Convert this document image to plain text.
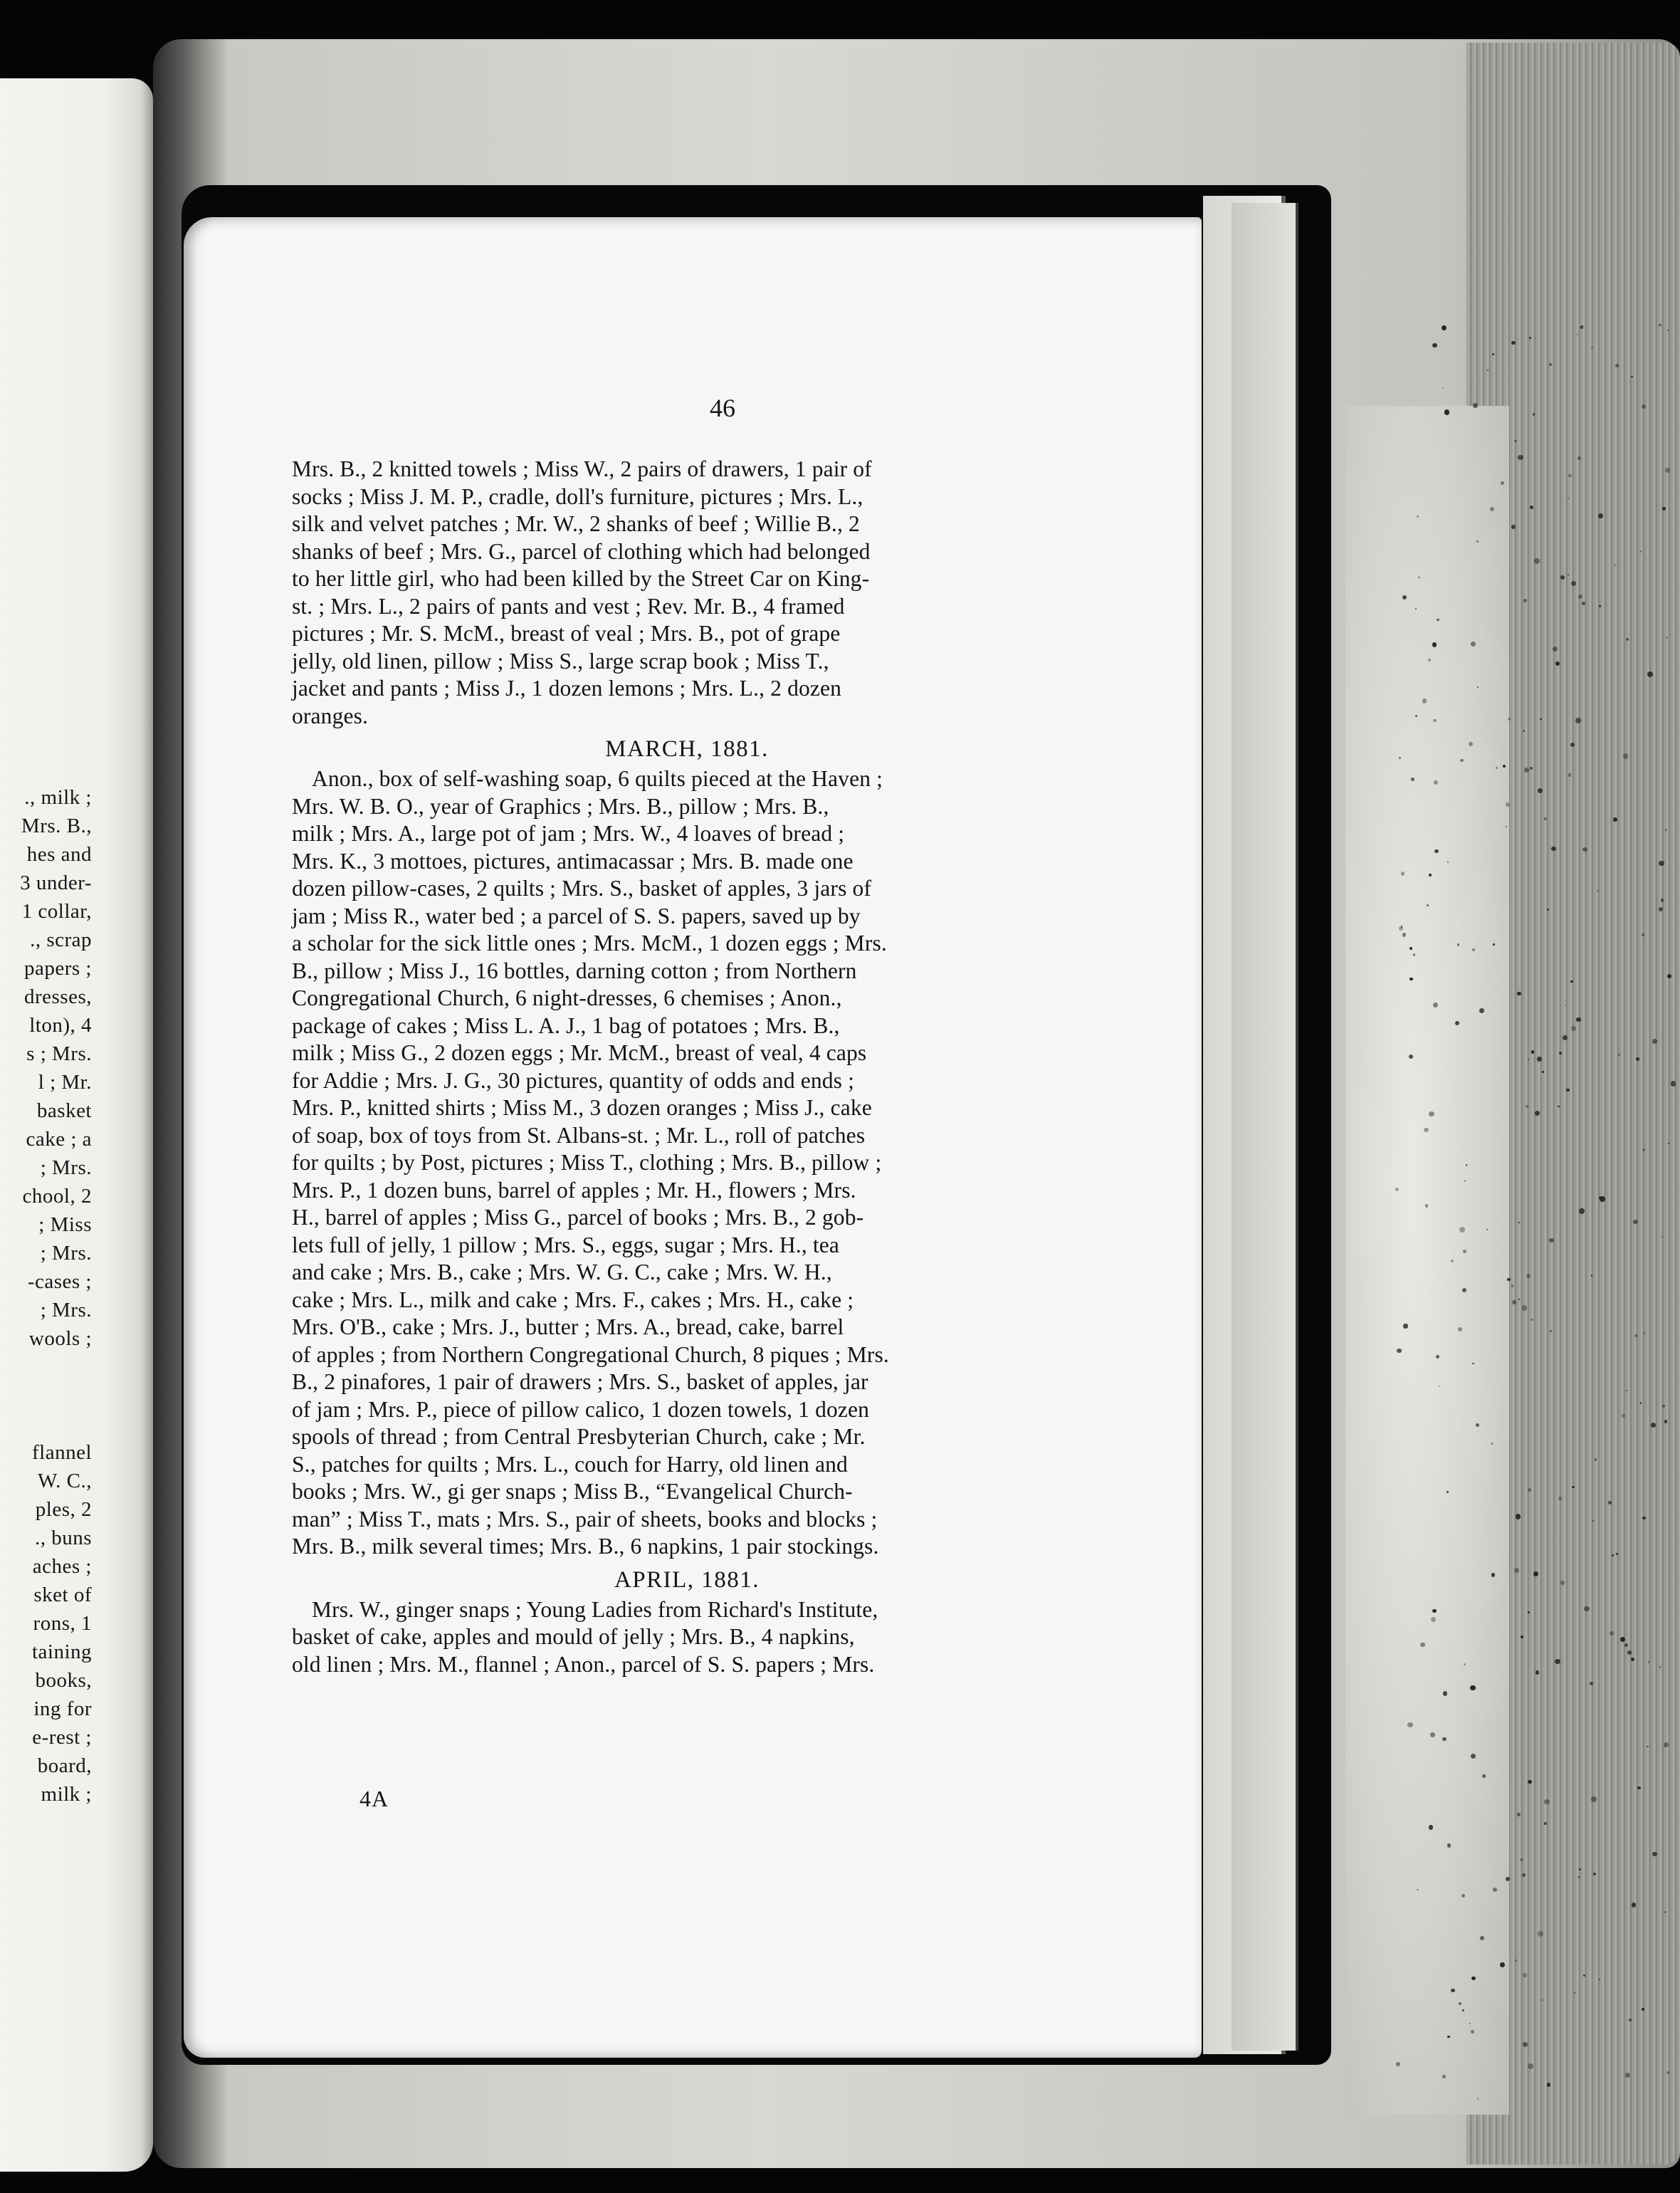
., milk ;
Mrs. B.,
hes and
3 under-
1 collar,
., scrap
papers ;
dresses,
lton), 4
s ; Mrs.
l ; Mr.
basket
cake ; a
; Mrs.
chool, 2
; Miss
; Mrs.
-cases ;
; Mrs.
wools ;
flannel
W. C.,
ples, 2
., buns
aches ;
sket of
rons, 1
taining
books,
ing for
e-rest ;
board,
milk ;
46

Mrs. B., 2 knitted towels ; Miss W., 2 pairs of drawers, 1 pair of
socks ; Miss J. M. P., cradle, doll's furniture, pictures ; Mrs. L.,
silk and velvet patches ; Mr. W., 2 shanks of beef ; Willie B., 2
shanks of beef ; Mrs. G., parcel of clothing which had belonged
to her little girl, who had been killed by the Street Car on King-
st. ; Mrs. L., 2 pairs of pants and vest ; Rev. Mr. B., 4 framed
pictures ; Mr. S. McM., breast of veal ; Mrs. B., pot of grape
jelly, old linen, pillow ; Miss S., large scrap book ; Miss T.,
jacket and pants ; Miss J., 1 dozen lemons ; Mrs. L., 2 dozen
oranges.

MARCH, 1881.

Anon., box of self-washing soap, 6 quilts pieced at the Haven ;
Mrs. W. B. O., year of Graphics ; Mrs. B., pillow ; Mrs. B.,
milk ; Mrs. A., large pot of jam ; Mrs. W., 4 loaves of bread ;
Mrs. K., 3 mottoes, pictures, antimacassar ; Mrs. B. made one
dozen pillow-cases, 2 quilts ; Mrs. S., basket of apples, 3 jars of
jam ; Miss R., water bed ; a parcel of S. S. papers, saved up by
a scholar for the sick little ones ; Mrs. McM., 1 dozen eggs ; Mrs.
B., pillow ; Miss J., 16 bottles, darning cotton ; from Northern
Congregational Church, 6 night-dresses, 6 chemises ; Anon.,
package of cakes ; Miss L. A. J., 1 bag of potatoes ; Mrs. B.,
milk ; Miss G., 2 dozen eggs ; Mr. McM., breast of veal, 4 caps
for Addie ; Mrs. J. G., 30 pictures, quantity of odds and ends ;
Mrs. P., knitted shirts ; Miss M., 3 dozen oranges ; Miss J., cake
of soap, box of toys from St. Albans-st. ; Mr. L., roll of patches
for quilts ; by Post, pictures ; Miss T., clothing ; Mrs. B., pillow ;
Mrs. P., 1 dozen buns, barrel of apples ; Mr. H., flowers ; Mrs.
H., barrel of apples ; Miss G., parcel of books ; Mrs. B., 2 gob-
lets full of jelly, 1 pillow ; Mrs. S., eggs, sugar ; Mrs. H., tea
and cake ; Mrs. B., cake ; Mrs. W. G. C., cake ; Mrs. W. H.,
cake ; Mrs. L., milk and cake ; Mrs. F., cakes ; Mrs. H., cake ;
Mrs. O'B., cake ; Mrs. J., butter ; Mrs. A., bread, cake, barrel
of apples ; from Northern Congregational Church, 8 piques ; Mrs.
B., 2 pinafores, 1 pair of drawers ; Mrs. S., basket of apples, jar
of jam ; Mrs. P., piece of pillow calico, 1 dozen towels, 1 dozen
spools of thread ; from Central Presbyterian Church, cake ; Mr.
S., patches for quilts ; Mrs. L., couch for Harry, old linen and
books ; Mrs. W., gi ger snaps ; Miss B., “Evangelical Church-
man” ; Miss T., mats ; Mrs. S., pair of sheets, books and blocks ;
Mrs. B., milk several times; Mrs. B., 6 napkins, 1 pair stockings.

APRIL, 1881.

Mrs. W., ginger snaps ; Young Ladies from Richard's Institute,
basket of cake, apples and mould of jelly ; Mrs. B., 4 napkins,
old linen ; Mrs. M., flannel ; Anon., parcel of S. S. papers ; Mrs.

4A
